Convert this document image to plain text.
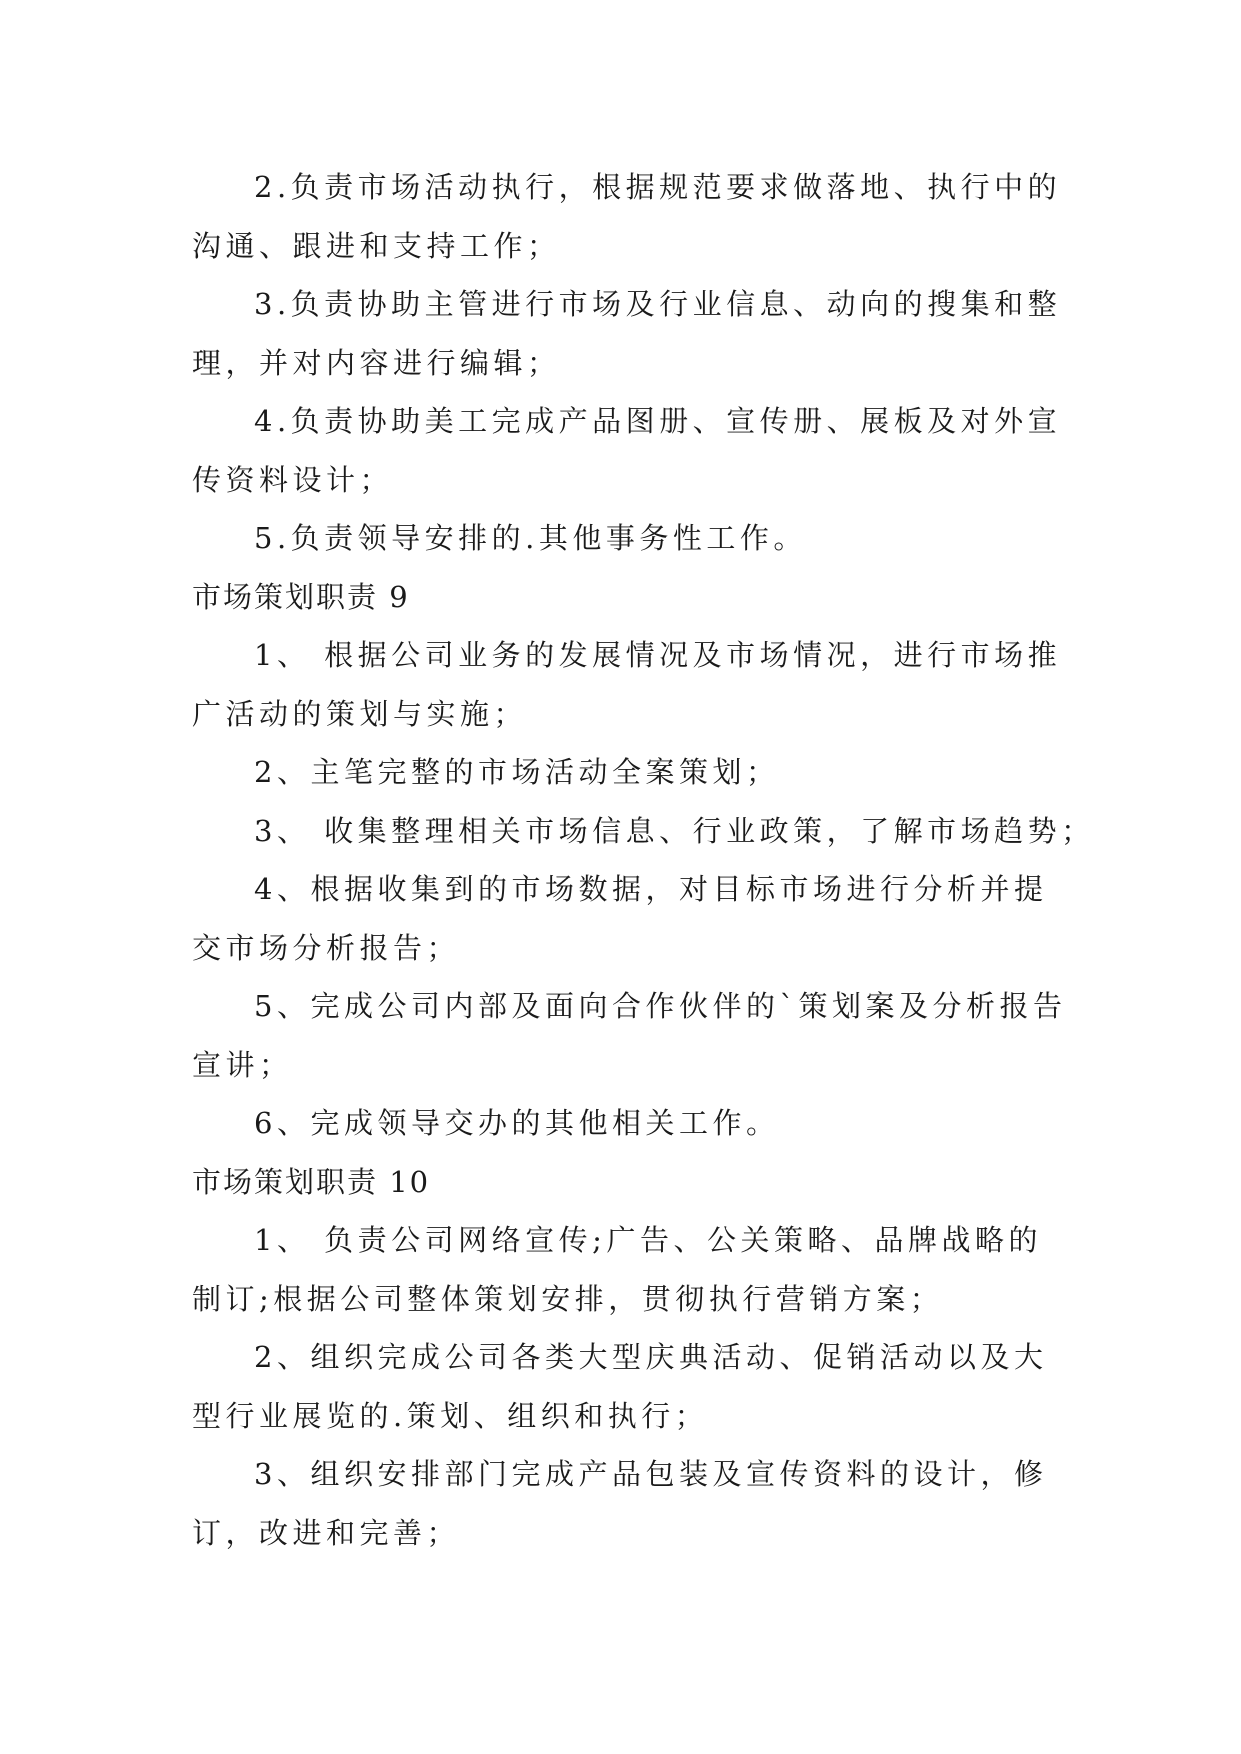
2.负责市场活动执行，根据规范要求做落地、执行中的
沟通、跟进和支持工作；
3.负责协助主管进行市场及行业信息、动向的搜集和整
理，并对内容进行编辑；
4.负责协助美工完成产品图册、宣传册、展板及对外宣
传资料设计；
5.负责领导安排的.其他事务性工作。
市场策划职责 9
1、 根据公司业务的发展情况及市场情况，进行市场推
广活动的策划与实施；
2、主笔完整的市场活动全案策划；
3、 收集整理相关市场信息、行业政策，了解市场趋势；
4、根据收集到的市场数据，对目标市场进行分析并提
交市场分析报告；
5、完成公司内部及面向合作伙伴的`策划案及分析报告
宣讲；
6、完成领导交办的其他相关工作。
市场策划职责 10
1、 负责公司网络宣传;广告、公关策略、品牌战略的
制订;根据公司整体策划安排，贯彻执行营销方案；
2、组织完成公司各类大型庆典活动、促销活动以及大
型行业展览的.策划、组织和执行；
3、组织安排部门完成产品包装及宣传资料的设计，修
订，改进和完善；
